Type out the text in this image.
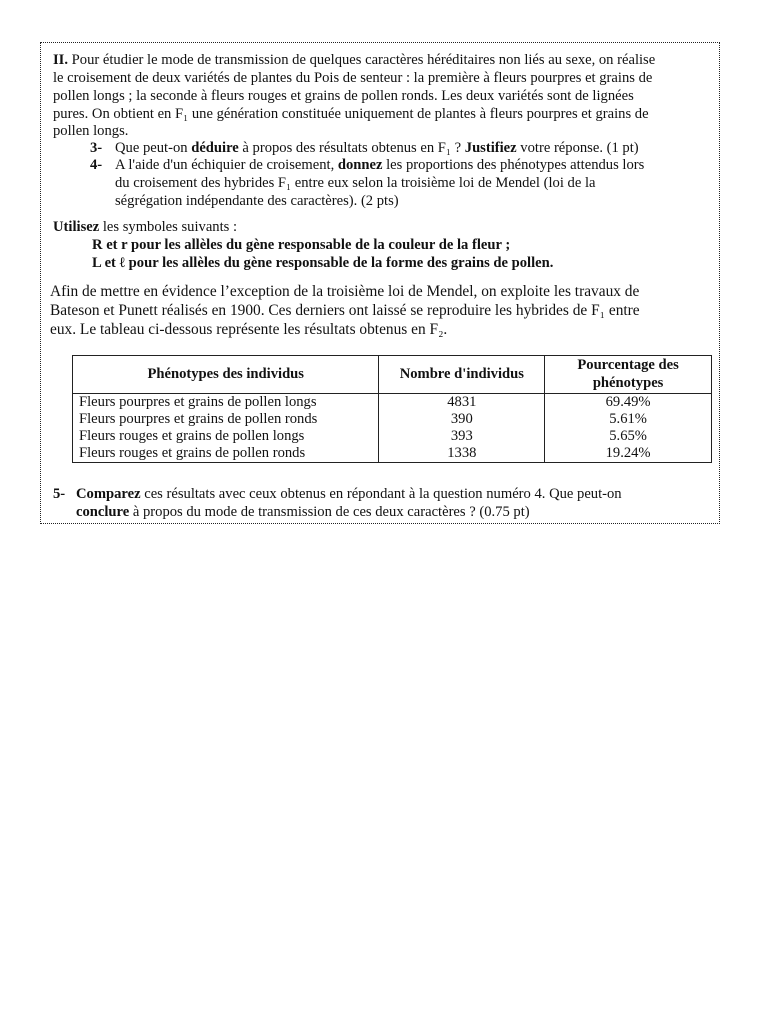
II. Pour étudier le mode de transmission de quelques caractères héréditaires non liés au sexe, on réalise

le croisement de deux variétés de plantes du Pois de senteur : la première à fleurs pourpres et grains de

pollen longs ; la seconde à fleurs rouges et grains de pollen ronds. Les deux variétés sont de lignées

pures. On obtient en F₁ une génération constituée uniquement de plantes à fleurs pourpres et grains de

pollen longs.

3- Que peut-on déduire à propos des résultats obtenus en F₁ ? Justifiez votre réponse. (1 pt)

4- A l'aide d'un échiquier de croisement, donnez les proportions des phénotypes attendus lors

du croisement des hybrides F₁ entre eux selon la troisième loi de Mendel (loi de la

ségrégation indépendante des caractères). (2 pts)

Utilisez les symboles suivants :

R et r pour les allèles du gène responsable de la couleur de la fleur ;

L et ℓ pour les allèles du gène responsable de la forme des grains de pollen.

Afin de mettre en évidence l’exception de la troisième loi de Mendel, on exploite les travaux de

Bateson et Punett réalisés en 1900. Ces derniers ont laissé se reproduire les hybrides de F₁ entre

eux. Le tableau ci-dessous représente les résultats obtenus en F₂.

Phénotypes des individus	Nombre d'individus	Pourcentage des
phénotypes

Fleurs pourpres et grains de pollen longs	4831	69.49%
Fleurs pourpres et grains de pollen ronds	390	5.61%
Fleurs rouges et grains de pollen longs	393	5.65%
Fleurs rouges et grains de pollen ronds	1338	19.24%

5- Comparez ces résultats avec ceux obtenus en répondant à la question numéro 4. Que peut-on

conclure à propos du mode de transmission de ces deux caractères ? (0.75 pt)
